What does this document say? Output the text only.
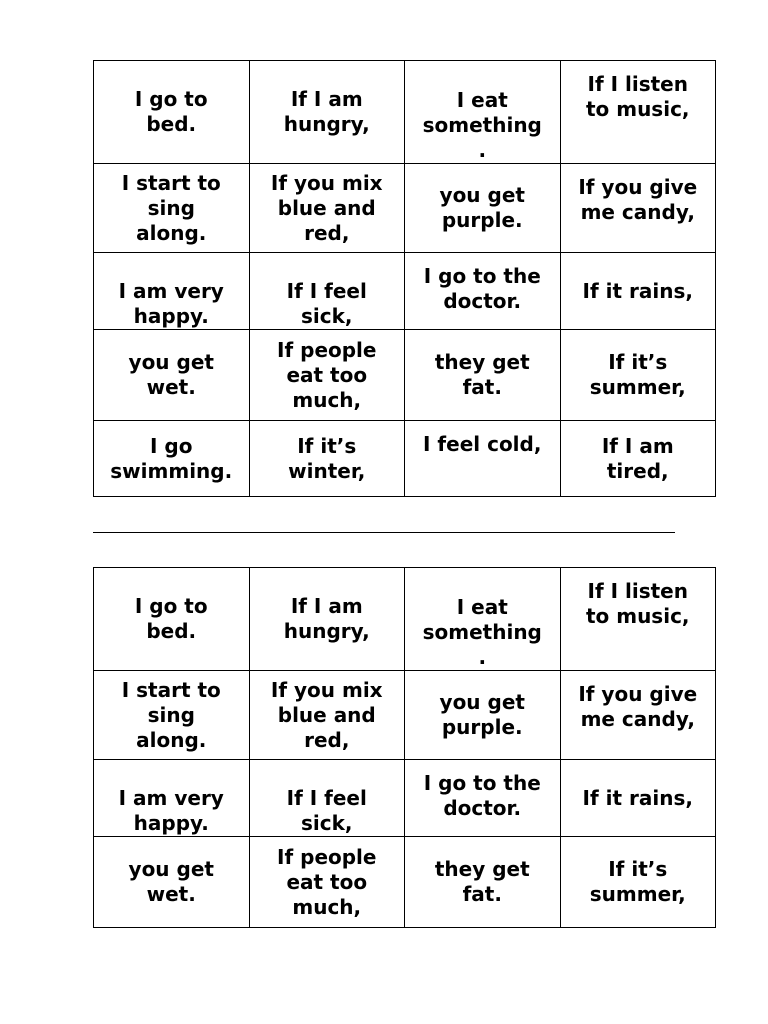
I go to
bed.	If I am
hungry,	I eat
something
.	If I listen
to music,

I start to
sing
along.	If you mix
blue and
red,	you get
purple.	If you give
me candy,

I am very
happy.	If I feel
sick,	I go to the
doctor.	If it rains,

you get
wet.	If people
eat too
much,	they get
fat.	If it’s
summer,

I go
swimming.	If it’s
winter,	I feel cold,	If I am
tired,
I go to
bed.	If I am
hungry,	I eat
something
.	If I listen
to music,

I start to
sing
along.	If you mix
blue and
red,	you get
purple.	If you give
me candy,

I am very
happy.	If I feel
sick,	I go to the
doctor.	If it rains,

you get
wet.	If people
eat too
much,	they get
fat.	If it’s
summer,
